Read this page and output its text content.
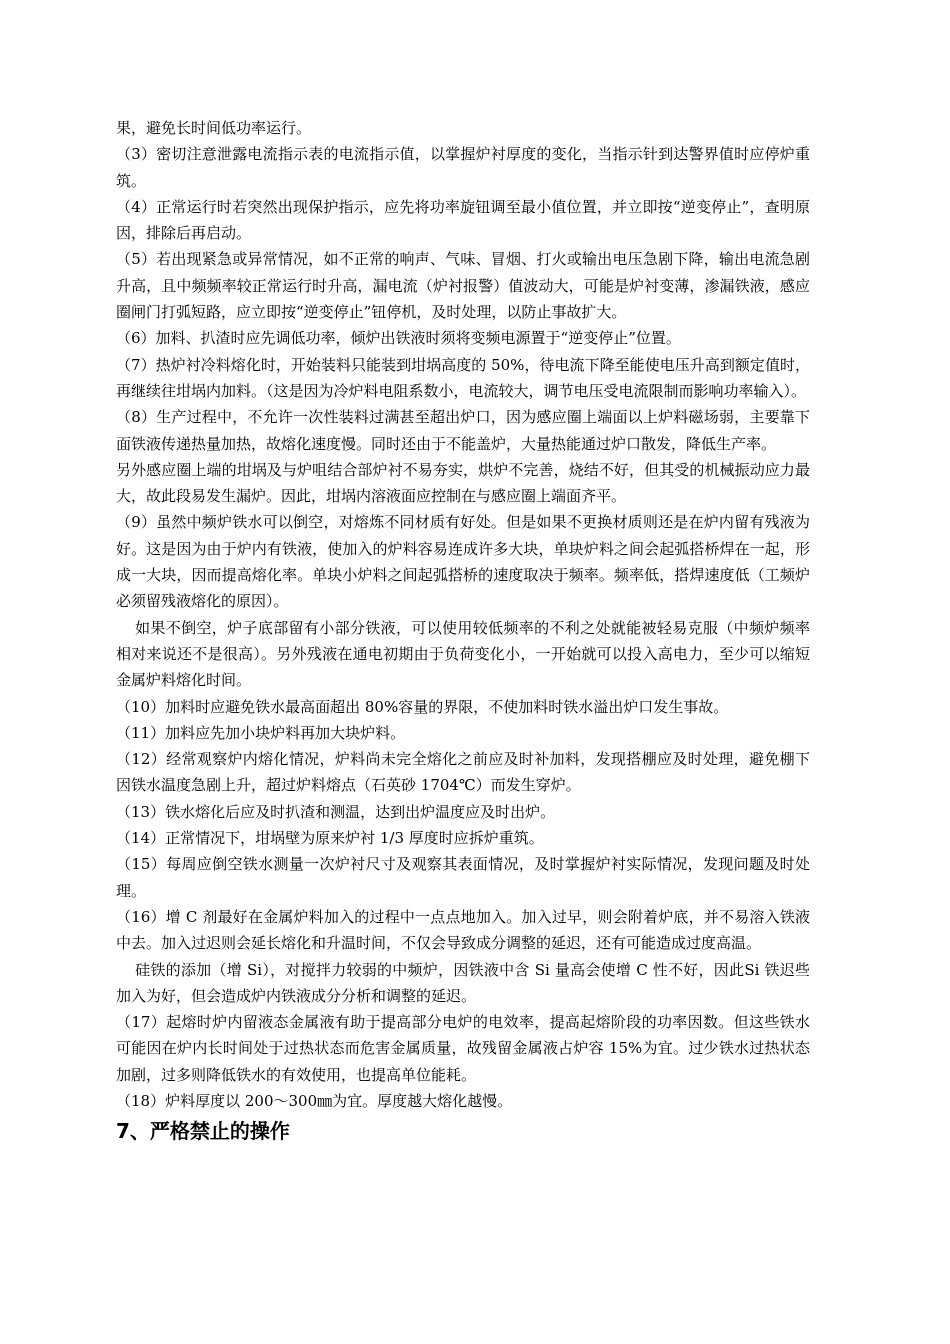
果，避免长时间低功率运行。

（3）密切注意泄露电流指示表的电流指示值，以掌握炉衬厚度的变化，当指示针到达警界值时应停炉重筑。

（4）正常运行时若突然出现保护指示，应先将功率旋钮调至最小值位置，并立即按“逆变停止”，查明原因，排除后再启动。

（5）若出现紧急或异常情况，如不正常的响声、气味、冒烟、打火或输出电压急剧下降，输出电流急剧升高，且中频频率较正常运行时升高，漏电流（炉衬报警）值波动大，可能是炉衬变薄，渗漏铁液，感应圈闸门打弧短路，应立即按“逆变停止”钮停机，及时处理，以防止事故扩大。

（6）加料、扒渣时应先调低功率，倾炉出铁液时须将变频电源置于“逆变停止”位置。

（7）热炉衬冷料熔化时，开始装料只能装到坩埚高度的 50%，待电流下降至能使电压升高到额定值时，再继续往坩埚内加料。（这是因为冷炉料电阻系数小，电流较大，调节电压受电流限制而影响功率输入）。

（8）生产过程中，不允许一次性装料过满甚至超出炉口，因为感应圈上端面以上炉料磁场弱，主要靠下面铁液传递热量加热，故熔化速度慢。同时还由于不能盖炉，大量热能通过炉口散发，降低生产率。

另外感应圈上端的坩埚及与炉咀结合部炉衬不易夯实，烘炉不完善，烧结不好，但其受的机械振动应力最大，故此段易发生漏炉。因此，坩埚内溶液面应控制在与感应圈上端面齐平。

（9）虽然中频炉铁水可以倒空，对熔炼不同材质有好处。但是如果不更换材质则还是在炉内留有残液为好。这是因为由于炉内有铁液，使加入的炉料容易连成许多大块，单块炉料之间会起弧搭桥焊在一起，形成一大块，因而提高熔化率。单块小炉料之间起弧搭桥的速度取决于频率。频率低，搭焊速度低（工频炉必须留残液熔化的原因）。

如果不倒空，炉子底部留有小部分铁液，可以使用较低频率的不利之处就能被轻易克服（中频炉频率相对来说还不是很高）。另外残液在通电初期由于负荷变化小，一开始就可以投入高电力，至少可以缩短金属炉料熔化时间。

（10）加料时应避免铁水最高面超出 80%容量的界限，不使加料时铁水溢出炉口发生事故。

（11）加料应先加小块炉料再加大块炉料。

（12）经常观察炉内熔化情况，炉料尚未完全熔化之前应及时补加料，发现搭棚应及时处理，避免棚下因铁水温度急剧上升，超过炉料熔点（石英砂 1704℃）而发生穿炉。

（13）铁水熔化后应及时扒渣和测温，达到出炉温度应及时出炉。

（14）正常情况下，坩埚壁为原来炉衬 1/3 厚度时应拆炉重筑。

（15）每周应倒空铁水测量一次炉衬尺寸及观察其表面情况，及时掌握炉衬实际情况，发现问题及时处理。

（16）增 C 剂最好在金属炉料加入的过程中一点点地加入。加入过早，则会附着炉底，并不易溶入铁液中去。加入过迟则会延长熔化和升温时间，不仅会导致成分调整的延迟，还有可能造成过度高温。

硅铁的添加（增 Si），对搅拌力较弱的中频炉，因铁液中含 Si 量高会使增 C 性不好，因此Si 铁迟些加入为好，但会造成炉内铁液成分分析和调整的延迟。

（17）起熔时炉内留液态金属液有助于提高部分电炉的电效率，提高起熔阶段的功率因数。但这些铁水可能因在炉内长时间处于过热状态而危害金属质量，故残留金属液占炉容 15%为宜。过少铁水过热状态加剧，过多则降低铁水的有效使用，也提高单位能耗。

（18）炉料厚度以 200～300㎜为宜。厚度越大熔化越慢。

7、严格禁止的操作
